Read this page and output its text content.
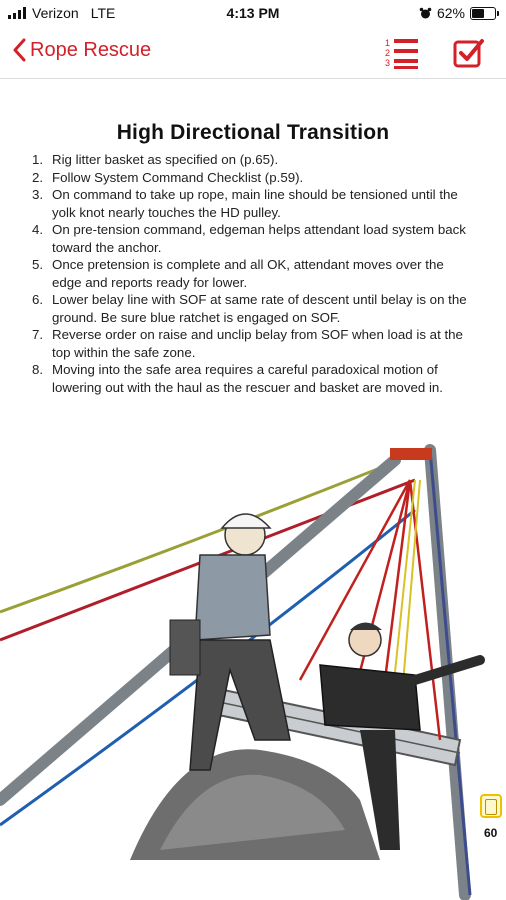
Verizon LTE	4:13 PM	62%
Rope Rescue	1
2
3
High Directional Transition
1. Rig litter basket as specified on (p.65).
2. Follow System Command Checklist (p.59).
3. On command to take up rope, main line should be tensioned until the yolk knot nearly touches the HD pulley.
4. On pre-tension command, edgeman helps attendant load system back toward the anchor.
5. Once pretension is complete and all OK, attendant moves over the edge and reports ready for lower.
6. Lower belay line with SOF at same rate of descent until belay is on the ground. Be sure blue ratchet is engaged on SOF.
7. Reverse order on raise and unclip belay from SOF when load is at the top within the safe zone.
8. Moving into the safe area requires a careful paradoxical motion of lowering out with the haul as the rescuer and basket are moved in.
60
